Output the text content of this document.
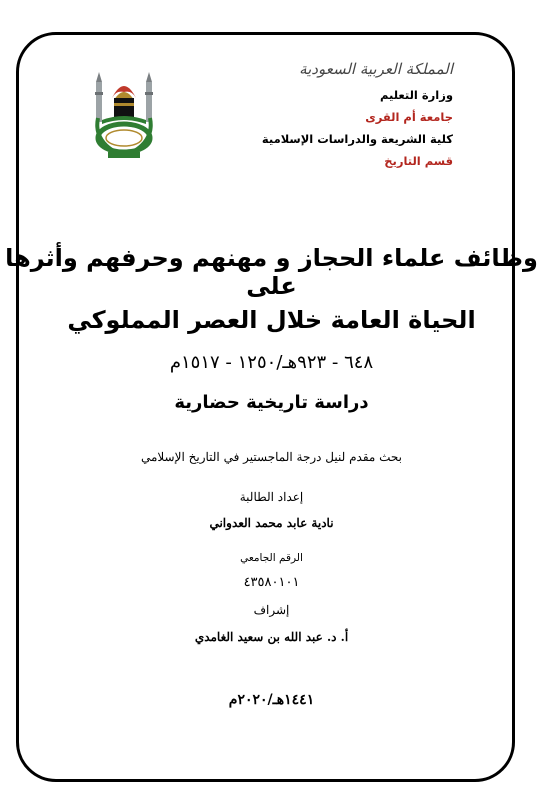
المملكة العربية السعودية
وزارة التعليم
جامعة أم القرى
كلية الشريعة والدراسات الإسلامية
قسم التاريخ
وظائف علماء الحجاز و مهنهم وحرفهم وأثرها على
الحياة العامة خلال العصر المملوكي
٦٤٨ - ٩٢٣هـ/١٢٥٠ - ١٥١٧م
دراسة تاريخية حضارية
بحث مقدم لنيل درجة الماجستير في التاريخ الإسلامي
إعداد الطالبة
نادية عابد محمد العدواني
الرقم الجامعي
٤٣٥٨٠١٠١
إشراف
أ. د. عبد الله بن سعيد الغامدي
١٤٤١هـ/٢٠٢٠م
